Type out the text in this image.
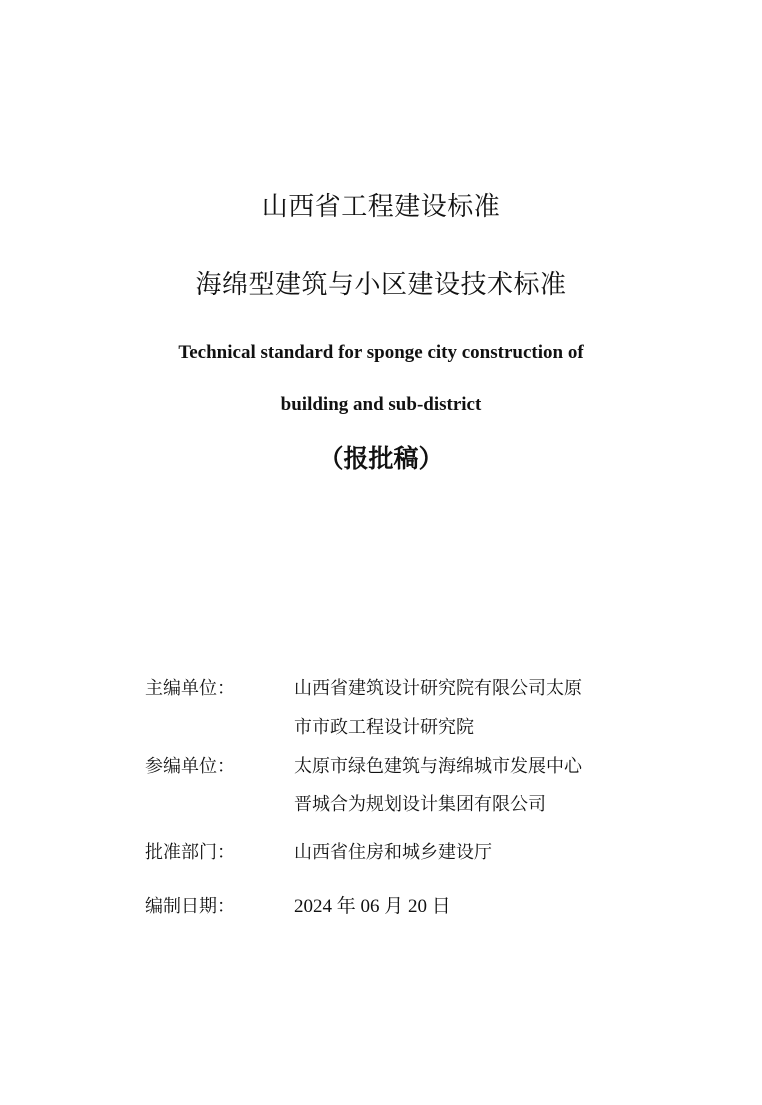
山西省工程建设标准
海绵型建筑与小区建设技术标准
Technical standard for sponge city construction of
building and sub-district
（报批稿）
主编单位：	山西省建筑设计研究院有限公司太原
市市政工程设计研究院
参编单位：	太原市绿色建筑与海绵城市发展中心
晋城合为规划设计集团有限公司
批准部门：	山西省住房和城乡建设厅
编制日期：	2024 年 06 月 20 日
